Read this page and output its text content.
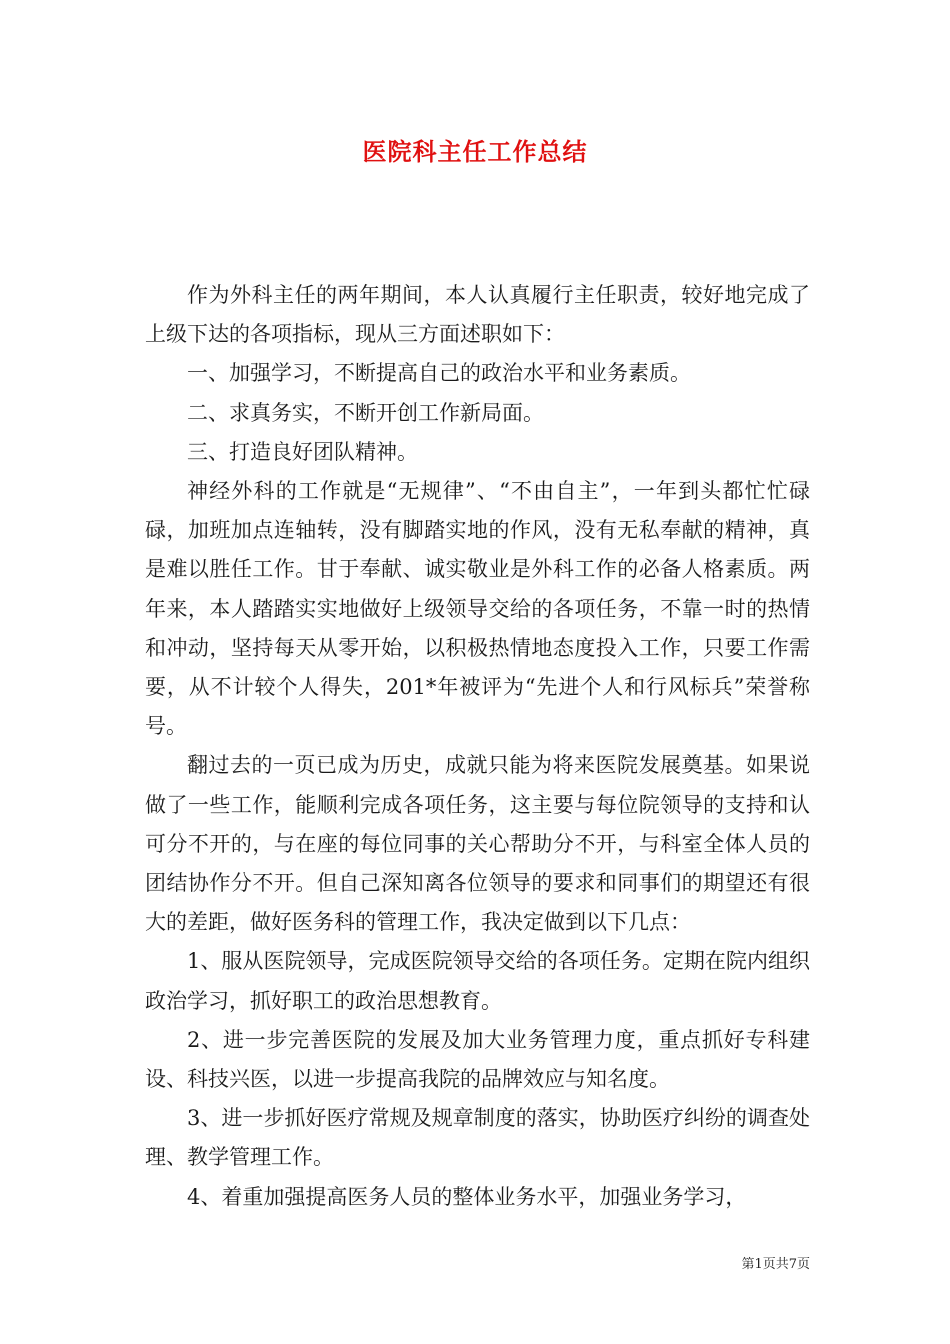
医院科主任工作总结

作为外科主任的两年期间，本人认真履行主任职责，较好地完成了上级下达的各项指标，现从三方面述职如下：

一、加强学习，不断提高自己的政治水平和业务素质。

二、求真务实，不断开创工作新局面。

三、打造良好团队精神。

神经外科的工作就是“无规律”、“不由自主”，一年到头都忙忙碌碌，加班加点连轴转，没有脚踏实地的作风，没有无私奉献的精神，真是难以胜任工作。甘于奉献、诚实敬业是外科工作的必备人格素质。两年来，本人踏踏实实地做好上级领导交给的各项任务，不靠一时的热情和冲动，坚持每天从零开始，以积极热情地态度投入工作，只要工作需要，从不计较个人得失，201*年被评为“先进个人和行风标兵”荣誉称号。

翻过去的一页已成为历史，成就只能为将来医院发展奠基。如果说做了一些工作，能顺利完成各项任务，这主要与每位院领导的支持和认可分不开的，与在座的每位同事的关心帮助分不开，与科室全体人员的团结协作分不开。但自己深知离各位领导的要求和同事们的期望还有很大的差距，做好医务科的管理工作，我决定做到以下几点：

1、服从医院领导，完成医院领导交给的各项任务。定期在院内组织政治学习，抓好职工的政治思想教育。

2、进一步完善医院的发展及加大业务管理力度，重点抓好专科建设、科技兴医，以进一步提高我院的品牌效应与知名度。

3、进一步抓好医疗常规及规章制度的落实，协助医疗纠纷的调查处理、教学管理工作。

4、着重加强提高医务人员的整体业务水平，加强业务学习，

第1页共7页
